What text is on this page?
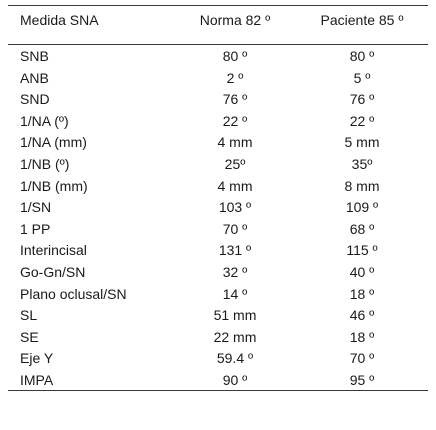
Medida SNA	Norma 82 º	Paciente 85 º
SNB	80 º	80 º
ANB	2 º	5 º
SND	76 º	76 º
1/NA (º)	22 º	22 º
1/NA (mm)	4 mm	5 mm
1/NB (º)	25º	35º
1/NB (mm)	4 mm	8 mm
1/SN	103 º	109 º
1 PP	70 º	68 º
Interincisal	131 º	115 º
Go-Gn/SN	32 º	40 º
Plano oclusal/SN	14 º	18 º
SL	51 mm	46 º
SE	22 mm	18 º
Eje Y	59.4 º	70 º
IMPA	90 º	95 º
